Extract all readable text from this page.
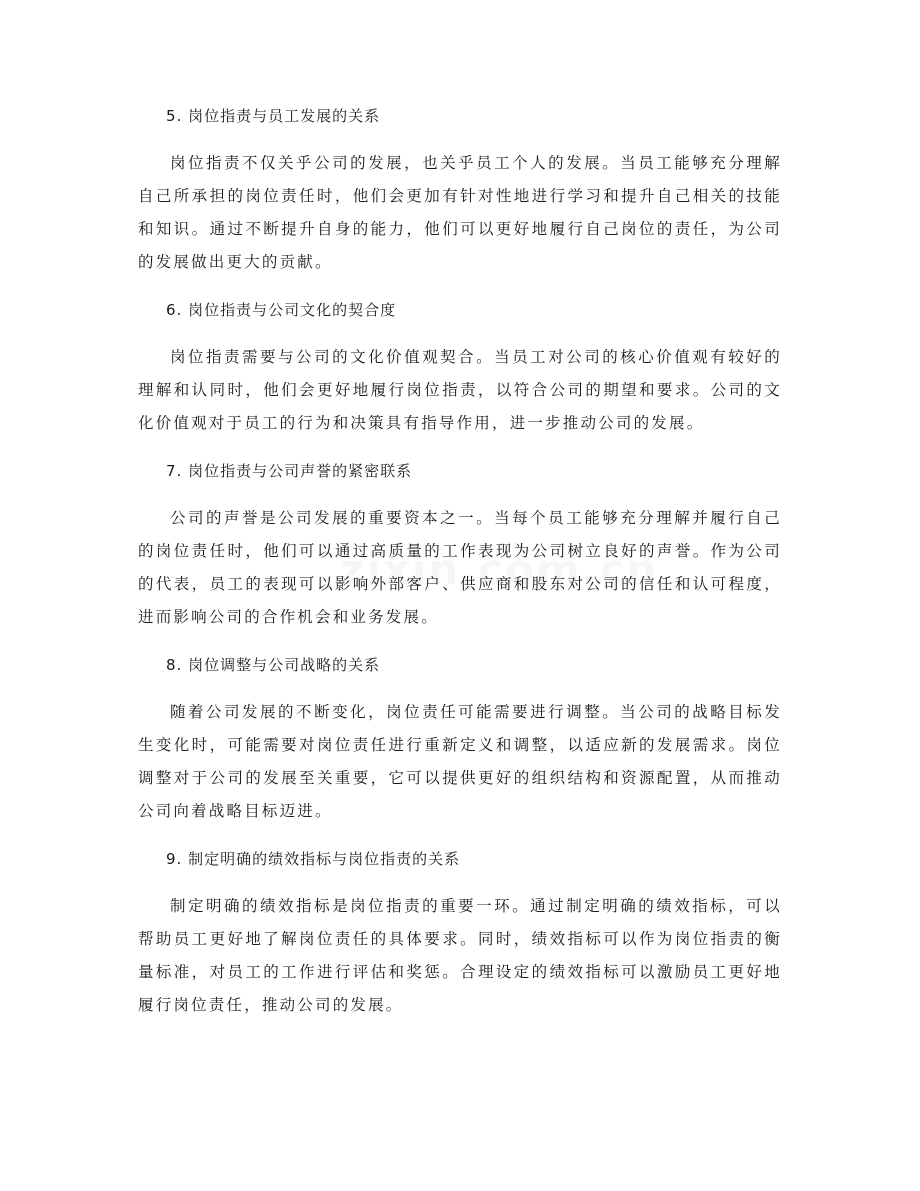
5. 岗位指责与员工发展的关系

岗位指责不仅关乎公司的发展，也关乎员工个人的发展。当员工能够充分理解自己所承担的岗位责任时，他们会更加有针对性地进行学习和提升自己相关的技能和知识。通过不断提升自身的能力，他们可以更好地履行自己岗位的责任，为公司的发展做出更大的贡献。

6. 岗位指责与公司文化的契合度

岗位指责需要与公司的文化价值观契合。当员工对公司的核心价值观有较好的理解和认同时，他们会更好地履行岗位指责，以符合公司的期望和要求。公司的文化价值观对于员工的行为和决策具有指导作用，进一步推动公司的发展。

7. 岗位指责与公司声誉的紧密联系

公司的声誉是公司发展的重要资本之一。当每个员工能够充分理解并履行自己的岗位责任时，他们可以通过高质量的工作表现为公司树立良好的声誉。作为公司的代表，员工的表现可以影响外部客户、供应商和股东对公司的信任和认可程度，进而影响公司的合作机会和业务发展。

8. 岗位调整与公司战略的关系

随着公司发展的不断变化，岗位责任可能需要进行调整。当公司的战略目标发生变化时，可能需要对岗位责任进行重新定义和调整，以适应新的发展需求。岗位调整对于公司的发展至关重要，它可以提供更好的组织结构和资源配置，从而推动公司向着战略目标迈进。

9. 制定明确的绩效指标与岗位指责的关系

制定明确的绩效指标是岗位指责的重要一环。通过制定明确的绩效指标，可以帮助员工更好地了解岗位责任的具体要求。同时，绩效指标可以作为岗位指责的衡量标准，对员工的工作进行评估和奖惩。合理设定的绩效指标可以激励员工更好地履行岗位责任，推动公司的发展。
